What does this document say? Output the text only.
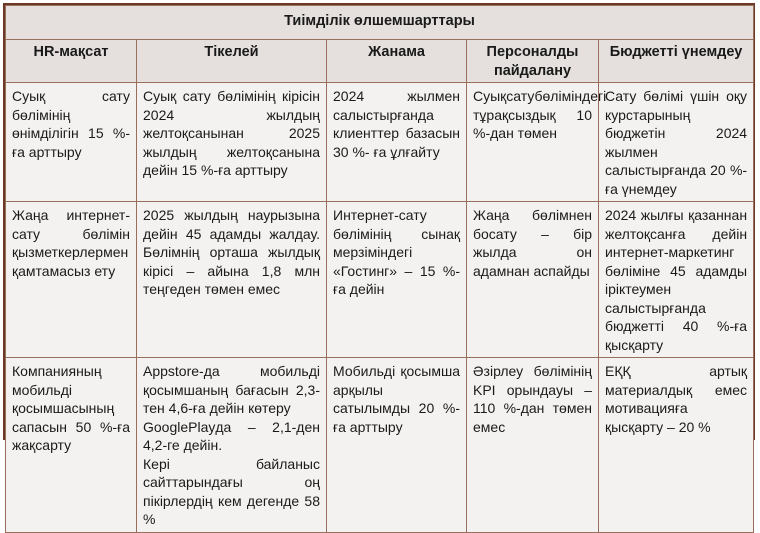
Тиімділік өлшемшарттары				
HR-мақсат	Тікелей	Жанама	Персоналды пайдалану	Бюджетті үнемдеу
Суық сату бөлімінің өнімділігін 15 %-ға арттыру	Суық сату бөлімінің кірісін 2024 жылдың желтоқсанынан 2025 жылдың желтоқсанына дейін 15 %-ға арттыру	2024 жылмен салыстырғанда клиенттер базасын 30 %- ға ұлғайту	Суықсатубөліміндегі тұрақсыздық 10 %-дан төмен	Сату бөлімі үшін оқу курстарының бюджетін 2024 жылмен салыстырғанда 20 %-ға үнемдеу
Жаңа интернет-сату бөлімін қызметкерлермен қамтамасыз ету	2025 жылдың наурызына дейін 45 адамды жалдау. Бөлімнің орташа жылдық кірісі – айына 1,8 млн теңгеден төмен емес	Интернет-сату бөлімінің сынақ мерзіміндегі «Гостинг» – 15 %-ға дейін	Жаңа бөлімнен босату – бір жылда он адамнан аспайды	2024 жылғы қазаннан желтоқсанға дейін интернет-маркетинг бөліміне 45 адамды іріктеумен салыстырғанда бюджетті 40 %-ға қысқарту
Компанияның мобильді қосымшасының сапасын 50 %-ға жақсарту	Appstore-да мобильді қосымшаның бағасын 2,3-тен 4,6-ға дейін көтеру
GooglePlayда – 2,1-ден 4,2-ге дейін.
Кері байланыс сайттарындағы оң пікірлердің кем дегенде 58 %	Мобильді қосымша арқылы сатылымды 20 %-ға арттыру	Әзірлеу бөлімінің KPI орындауы – 110 %-дан төмен емес	ЕҚҚ артық материалдық емес мотивацияға қысқарту – 20 %
